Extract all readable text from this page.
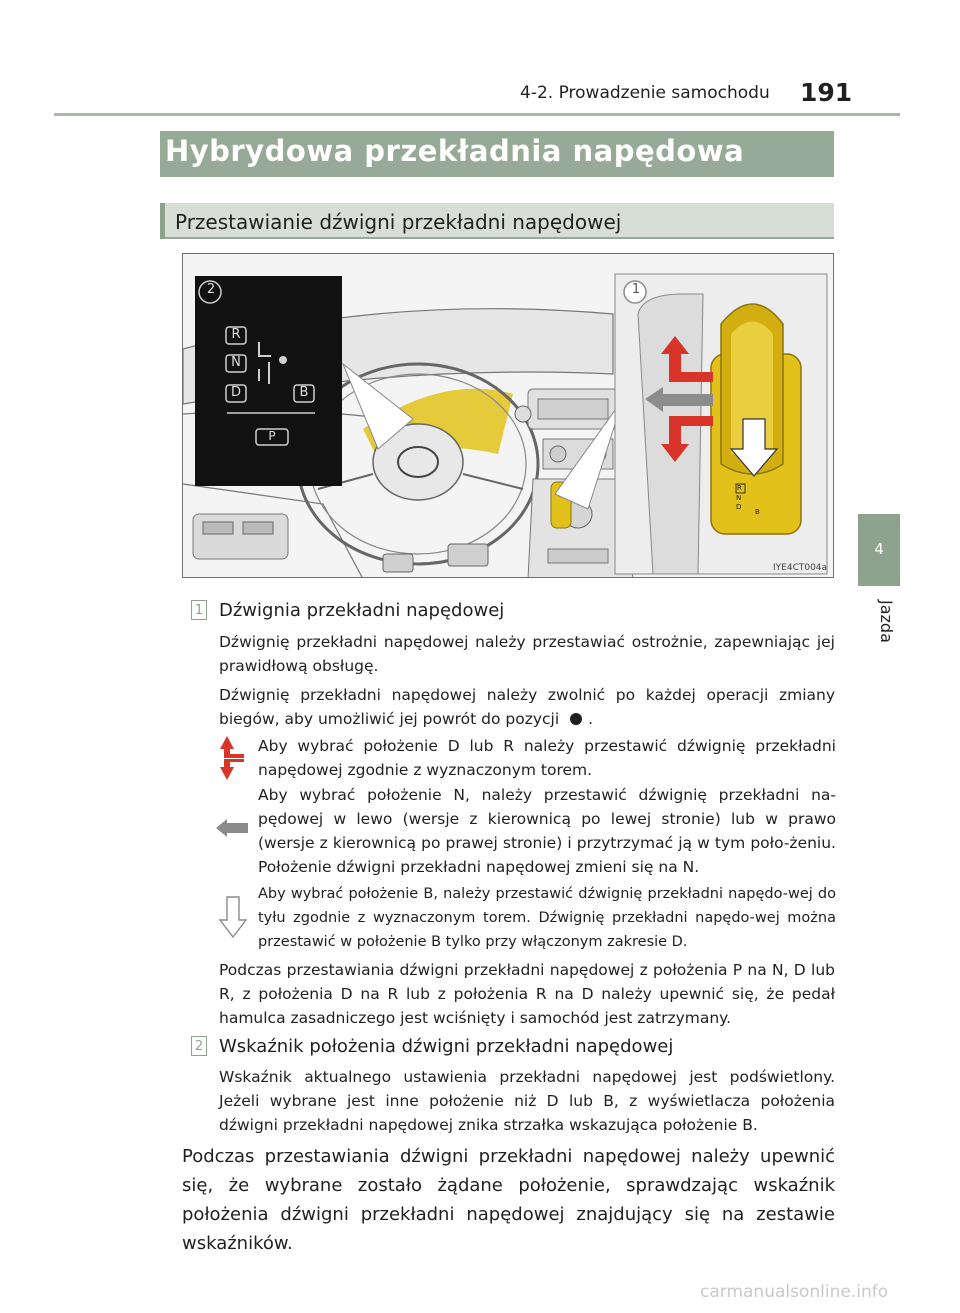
4-2. Prowadzenie samochodu 191
4
Jazda
Hybrydowa przekładnia napędowa
Przestawianie dźwigni przekładni napędowej
2	1
R
N
D	B
P
R
N
D
B
IYE4CT004a
1 Dźwignia przekładni napędowej
Dźwignię przekładni napędowej należy przestawiać ostrożnie, zapewniając jej prawidłową obsługę.
Dźwignię przekładni napędowej należy zwolnić po każdej operacji zmiany biegów, aby umożliwić jej powrót do pozycji .
Aby wybrać położenie D lub R należy przestawić dźwignię przekładni napędowej zgodnie z wyznaczonym torem.
Aby wybrać położenie N, należy przestawić dźwignię przekładni na-pędowej w lewo (wersje z kierownicą po lewej stronie) lub w prawo (wersje z kierownicą po prawej stronie) i przytrzymać ją w tym poło-żeniu. Położenie dźwigni przekładni napędowej zmieni się na N.
Aby wybrać położenie B, należy przestawić dźwignię przekładni napędo-wej do tyłu zgodnie z wyznaczonym torem. Dźwignię przekładni napędo-wej można przestawić w położenie B tylko przy włączonym zakresie D.
Podczas przestawiania dźwigni przekładni napędowej z położenia P na N, D lub R, z położenia D na R lub z położenia R na D należy upewnić się, że pedał hamulca zasadniczego jest wciśnięty i samochód jest zatrzymany.
2 Wskaźnik położenia dźwigni przekładni napędowej
Wskaźnik aktualnego ustawienia przekładni napędowej jest podświetlony. Jeżeli wybrane jest inne położenie niż D lub B, z wyświetlacza położenia dźwigni przekładni napędowej znika strzałka wskazująca położenie B.
Podczas przestawiania dźwigni przekładni napędowej należy upewnić się, że wybrane zostało żądane położenie, sprawdzając wskaźnik położenia dźwigni przekładni napędowej znajdujący się na zestawie wskaźników.
carmanualsonline.info
